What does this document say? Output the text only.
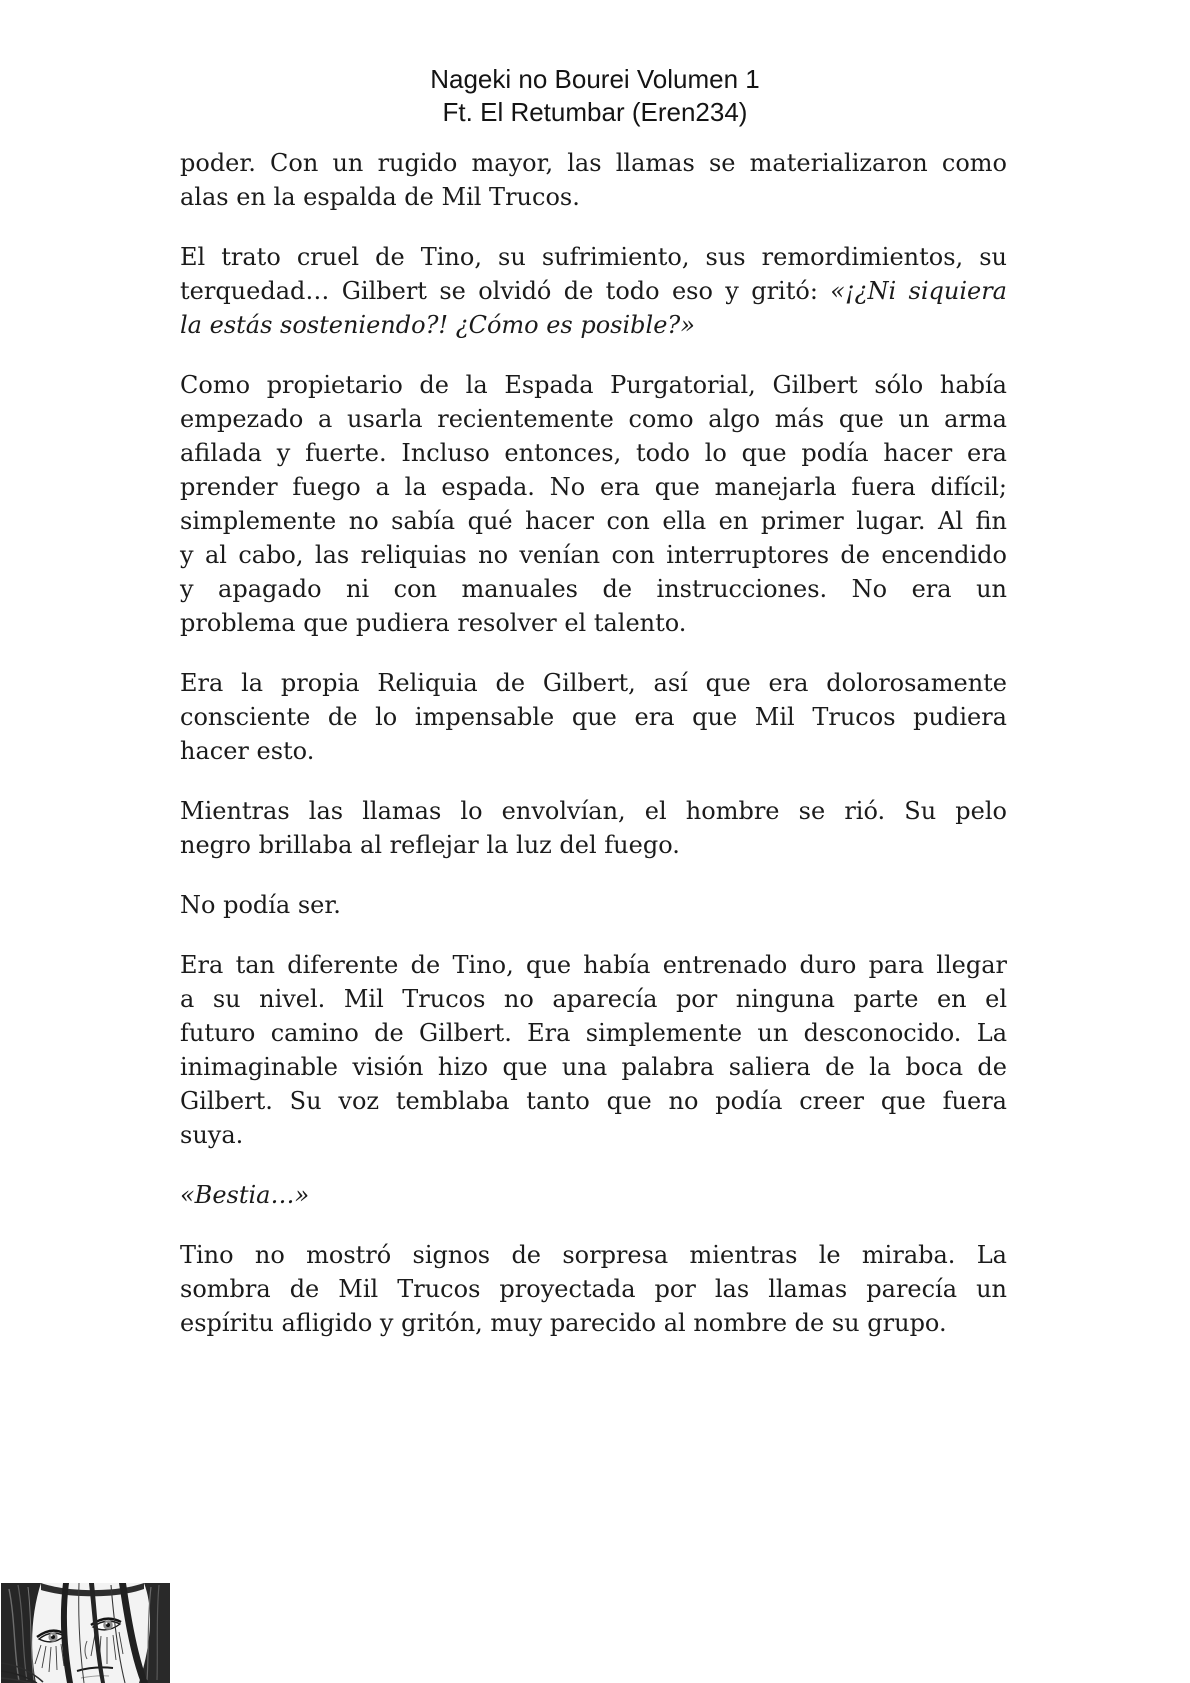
Nageki no Bourei Volumen 1
Ft. El Retumbar (Eren234)
poder. Con un rugido mayor, las llamas se materializaron como
alas en la espalda de Mil Trucos.
El trato cruel de Tino, su sufrimiento, sus remordimientos, su
terquedad… Gilbert se olvidó de todo eso y gritó: «¡¿Ni siquiera
la estás sosteniendo?! ¿Cómo es posible?»
Como propietario de la Espada Purgatorial, Gilbert sólo había
empezado a usarla recientemente como algo más que un arma
afilada y fuerte. Incluso entonces, todo lo que podía hacer era
prender fuego a la espada. No era que manejarla fuera difícil;
simplemente no sabía qué hacer con ella en primer lugar. Al fin
y al cabo, las reliquias no venían con interruptores de encendido
y apagado ni con manuales de instrucciones. No era un
problema que pudiera resolver el talento.
Era la propia Reliquia de Gilbert, así que era dolorosamente
consciente de lo impensable que era que Mil Trucos pudiera
hacer esto.
Mientras las llamas lo envolvían, el hombre se rió. Su pelo
negro brillaba al reflejar la luz del fuego.
No podía ser.
Era tan diferente de Tino, que había entrenado duro para llegar
a su nivel. Mil Trucos no aparecía por ninguna parte en el
futuro camino de Gilbert. Era simplemente un desconocido. La
inimaginable visión hizo que una palabra saliera de la boca de
Gilbert. Su voz temblaba tanto que no podía creer que fuera
suya.
«Bestia…»
Tino no mostró signos de sorpresa mientras le miraba. La
sombra de Mil Trucos proyectada por las llamas parecía un
espíritu afligido y gritón, muy parecido al nombre de su grupo.
